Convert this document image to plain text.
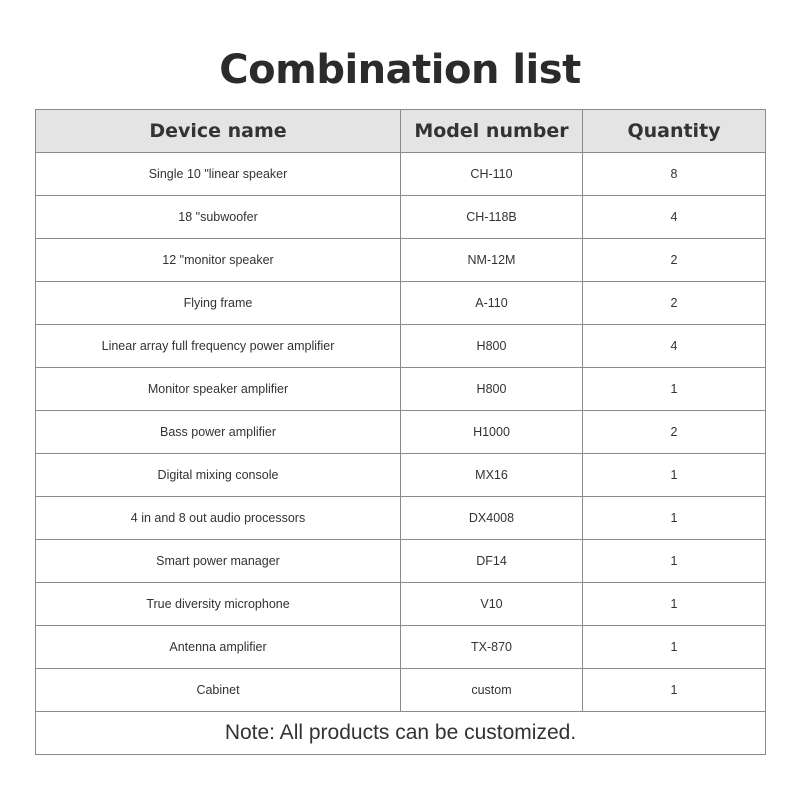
Combination list
Device name	Model number	Quantity
Single 10 "linear speaker	CH-110	8
18 "subwoofer	CH-118B	4
12 "monitor speaker	NM-12M	2
Flying frame	A-110	2
Linear array full frequency power amplifier	H800	4
Monitor speaker amplifier	H800	1
Bass power amplifier	H1000	2
Digital mixing console	MX16	1
4 in and 8 out audio processors	DX4008	1
Smart power manager	DF14	1
True diversity microphone	V10	1
Antenna amplifier	TX-870	1
Cabinet	custom	1
Note: All products can be customized.		
